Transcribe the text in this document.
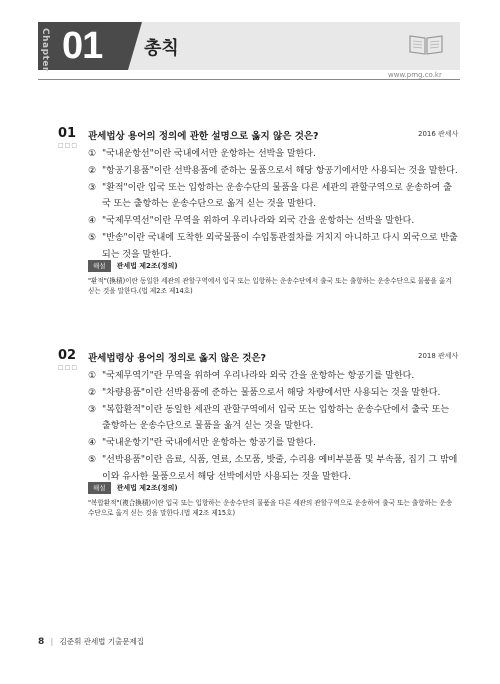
Chapter 01 총칙
www.pmg.co.kr
01
□□□
관세법상 용어의 정의에 관한 설명으로 옳지 않은 것은?	2016 관세사
① "국내운항선"이란 국내에서만 운항하는 선박을 말한다.
② "항공기용품"이란 선박용품에 준하는 물품으로서 해당 항공기에서만 사용되는 것을 말한다.
③ "환적"이란 입국 또는 입항하는 운송수단의 물품을 다른 세관의 관할구역으로 운송하여 출국 또는 출항하는 운송수단으로 옮겨 싣는 것을 말한다.
④ "국제무역선"이란 무역을 위하여 우리나라와 외국 간을 운항하는 선박을 말한다.
⑤ "반송"이란 국내에 도착한 외국물품이 수입통관절차를 거치지 아니하고 다시 외국으로 반출되는 것을 말한다.
해설	관세법 제2조(정의)
"환적"(換積)이란 동일한 세관의 관할구역에서 입국 또는 입항하는 운송수단에서 출국 또는 출항하는 운송수단으로 물품을 옮겨 싣는 것을 말한다.(법 제2조 제14호)
02
□□□
관세법령상 용어의 정의로 옳지 않은 것은?	2018 관세사
① "국제무역기"란 무역을 위하여 우리나라와 외국 간을 운항하는 항공기를 말한다.
② "차량용품"이란 선박용품에 준하는 물품으로서 해당 차량에서만 사용되는 것을 말한다.
③ "복합환적"이란 동일한 세관의 관할구역에서 입국 또는 입항하는 운송수단에서 출국 또는 출항하는 운송수단으로 물품을 옮겨 싣는 것을 말한다.
④ "국내운항기"란 국내에서만 운항하는 항공기를 말한다.
⑤ "선박용품"이란 음료, 식품, 연료, 소모품, 밧줄, 수리용 예비부분품 및 부속품, 집기 그 밖에 이와 유사한 물품으로서 해당 선박에서만 사용되는 것을 말한다.
해설	관세법 제2조(정의)
"복합환적"(複合換積)이란 입국 또는 입항하는 운송수단의 물품을 다른 세관의 관할구역으로 운송하여 출국 또는 출항하는 운송수단으로 옮겨 싣는 것을 말한다.(법 제2조 제15호)
8 | 김준휘 관세법 기출문제집
